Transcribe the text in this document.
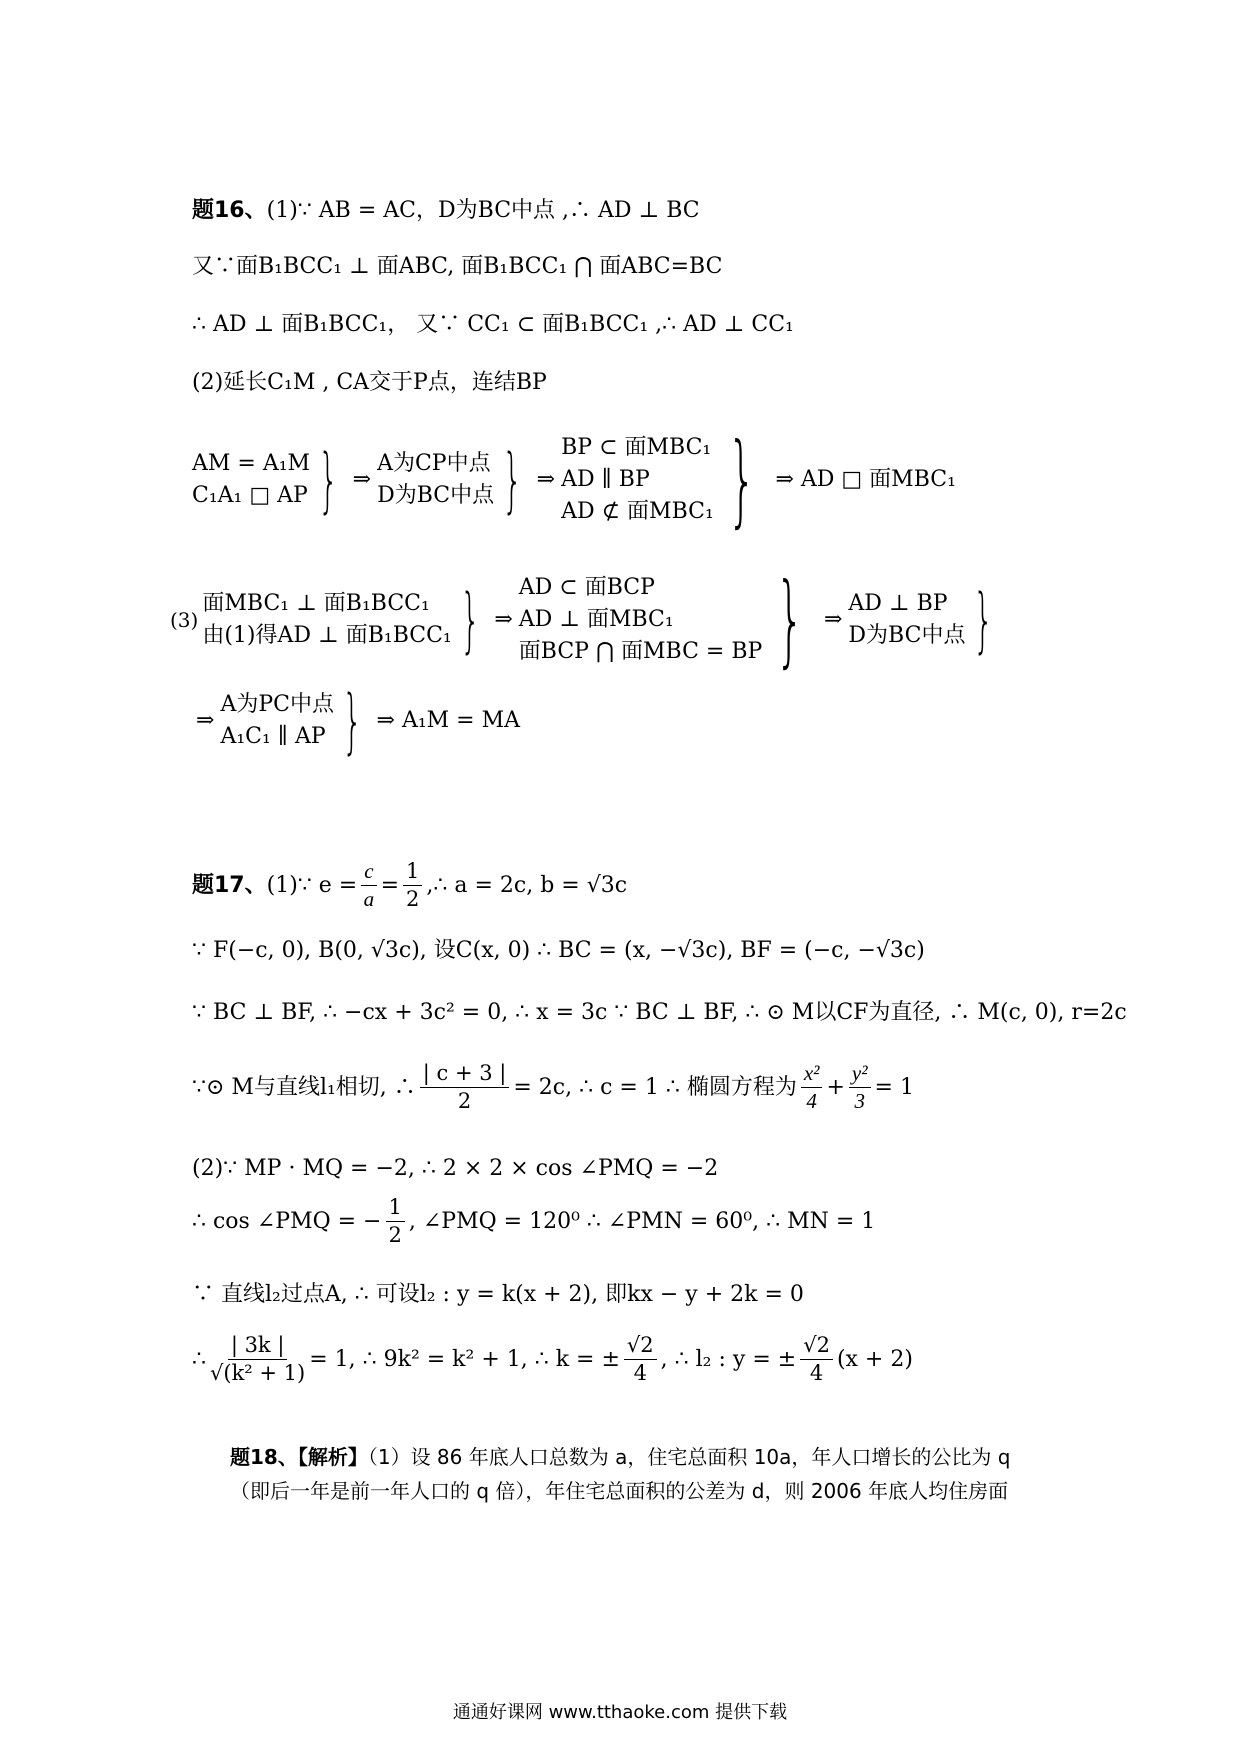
题16、(1)∵ AB = AC，D为BC中点 ,∴ AD ⊥ BC
又∵面B₁BCC₁ ⊥ 面ABC, 面B₁BCC₁ ⋂ 面ABC=BC
∴ AD ⊥ 面B₁BCC₁， 又∵ CC₁ ⊂ 面B₁BCC₁ ,∴ AD ⊥ CC₁
(2)延长C₁M , CA交于P点，连结BP
AM = A₁M
C₁A₁ □ AP } ⇒
A为CP中点
D为BC中点 } ⇒
BP ⊂ 面MBC₁
AD ∥ BP
AD ⊄ 面MBC₁ } ⇒ AD □ 面MBC₁
(3)
面MBC₁ ⊥ 面B₁BCC₁
由(1)得AD ⊥ 面B₁BCC₁ } ⇒
AD ⊂ 面BCP
AD ⊥ 面MBC₁
面BCP ⋂ 面MBC = BP } ⇒
AD ⊥ BP
D为BC中点 }
⇒
A为PC中点
A₁C₁ ∥ AP } ⇒ A₁M = MA
题17、 (1)∵ $e = \frac{c}{a} = \frac{1}{2}$ ,∴ a = 2c, b = √3c
∵ F(−c, 0), B(0, √3c), 设C(x, 0) ∴ BC = (x, −√3c), BF = (−c, −√3c)
∵ BC ⊥ BF, ∴ −cx + 3c² = 0, ∴ x = 3c ∵ BC ⊥ BF, ∴ ⊙ M以CF为直径, ∴ M(c, 0), r=2c
∵⊙ M与直线l₁相切, ∴ $\frac{| c + 3 |}{2} = 2c$, ∴ c = 1 ∴ 椭圆方程为 $\frac{\text{x²}}{4} + \frac{\text{y²}}{3} = 1$
(2)∵ MP · MQ = −2, ∴ 2 × 2 × cos ∠PMQ = −2
∴ cos ∠PMQ = − $\frac{1}{2}$ , ∠PMQ = 120⁰ ∴ ∠PMN = 60⁰, ∴ MN = 1
∵ 直线l₂过点A, ∴ 可设l₂ : y = k(x + 2), 即kx − y + 2k = 0
∴ $\frac{| 3k |}{\text{√(k² + 1)}} = 1$, ∴ 9k² = k² + 1, ∴ k = ± $\frac{√2}{4}$ , ∴ l₂ : y = ± $\frac{√2}{4} (x + 2)$
题18、【解析】（1）设 86 年底人口总数为 a，住宅总面积 10a，年人口增长的公比为 q
（即后一年是前一年人口的 q 倍），年住宅总面积的公差为 d，则 2006 年底人均住房面
通通好课网 www.tthaoke.com 提供下载
